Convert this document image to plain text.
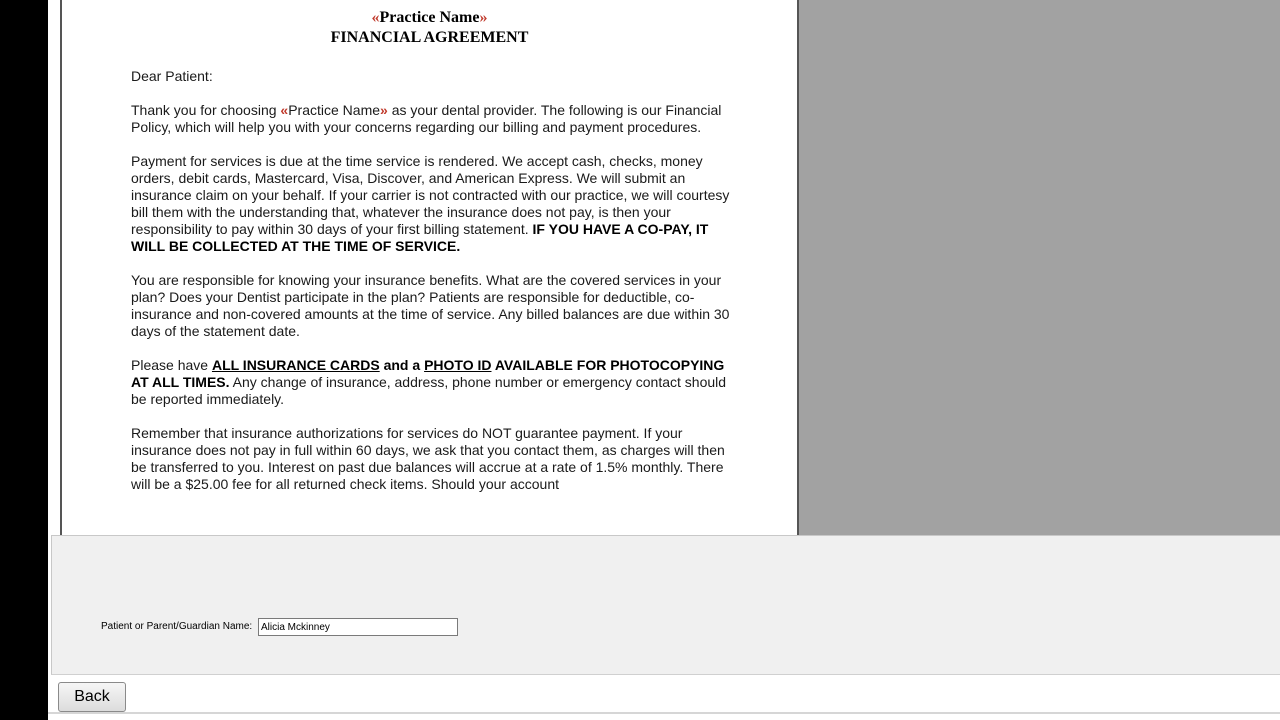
«Practice Name»
FINANCIAL AGREEMENT

Dear Patient:

Thank you for choosing «Practice Name» as your dental provider. The following is our Financial Policy, which will help you with your concerns regarding our billing and payment procedures.

Payment for services is due at the time service is rendered. We accept cash, checks, money orders, debit cards, Mastercard, Visa, Discover, and American Express. We will submit an insurance claim on your behalf. If your carrier is not contracted with our practice, we will courtesy bill them with the understanding that, whatever the insurance does not pay, is then your responsibility to pay within 30 days of your first billing statement. IF YOU HAVE A CO-PAY, IT WILL BE COLLECTED AT THE TIME OF SERVICE.

You are responsible for knowing your insurance benefits. What are the covered services in your plan? Does your Dentist participate in the plan? Patients are responsible for deductible, co-insurance and non-covered amounts at the time of service. Any billed balances are due within 30 days of the statement date.

Please have ALL INSURANCE CARDS and a PHOTO ID AVAILABLE FOR PHOTOCOPYING AT ALL TIMES. Any change of insurance, address, phone number or emergency contact should be reported immediately.

Remember that insurance authorizations for services do NOT guarantee payment. If your insurance does not pay in full within 60 days, we ask that you contact them, as charges will then be transferred to you. Interest on past due balances will accrue at a rate of 1.5% monthly. There will be a $25.00 fee for all returned check items. Should your account

Patient or Parent/Guardian Name:
Alicia Mckinney
Back
